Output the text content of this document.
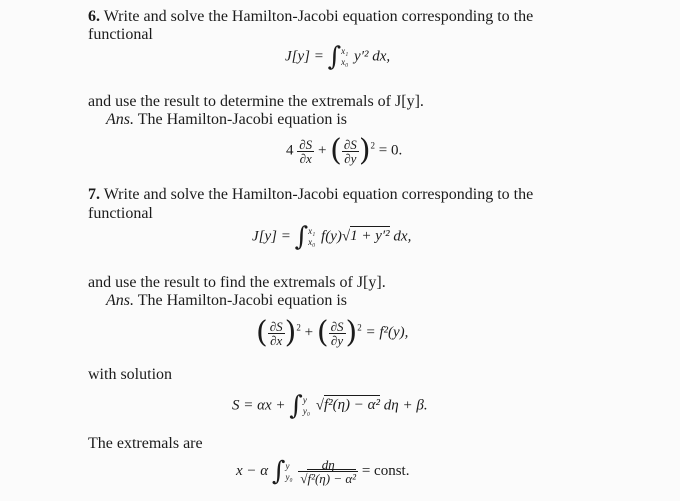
6. Write and solve the Hamilton-Jacobi equation corresponding to the
functional
J[y] = ∫ x₁
x₀ y′² dx,
and use the result to determine the extremals of J[y].
Ans. The Hamilton-Jacobi equation is
$4 \frac{\partial S}{\partial x}$ + ( $\frac{\partial S}{\partial y} )^2 = 0$.
7. Write and solve the Hamilton-Jacobi equation corresponding to the
functional
J[y] = ∫ x₁
x₀ f(y)√1 + y′² dx,
and use the result to find the extremals of J[y].
Ans. The Hamilton-Jacobi equation is
( $\frac{\partial S}{\partial x} )^2$ + ( $\frac{\partial S}{\partial y} )^2 = f^2(y)$,
with solution
S = αx + ∫ y
y₀ √f²(η) − α² dη + β.
The extremals are
x − α ∫ y
y₀
$\frac{d\eta}{\text{√f²(η) − α²}}$ = const.
